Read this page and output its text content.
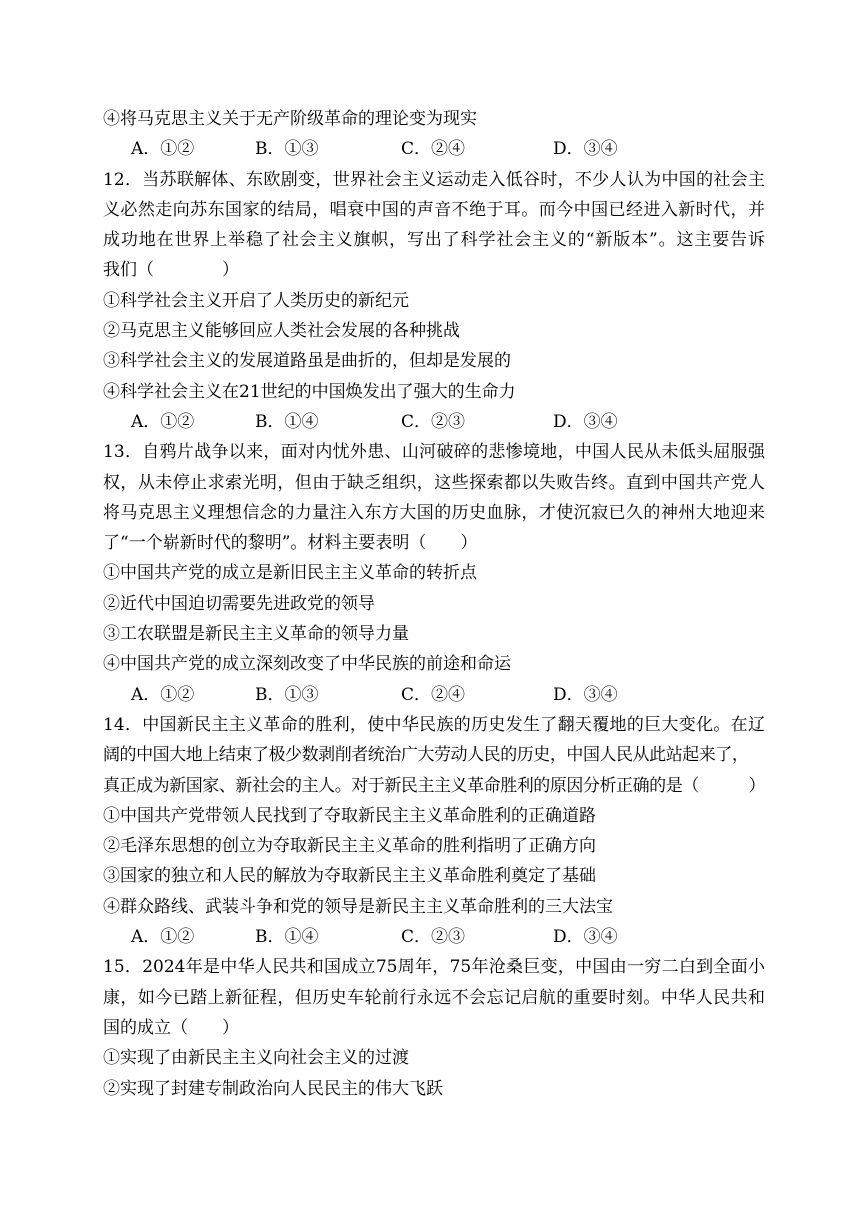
④将马克思主义关于无产阶级革命的理论变为现实
A．①②	B．①③	C．②④	D．③④
12．当苏联解体、东欧剧变，世界社会主义运动走入低谷时，不少人认为中国的社会主
义必然走向苏东国家的结局，唱衰中国的声音不绝于耳。而今中国已经进入新时代，并
成功地在世界上举稳了社会主义旗帜，写出了科学社会主义的“新版本”。这主要告诉
我们（　　　　）
①科学社会主义开启了人类历史的新纪元
②马克思主义能够回应人类社会发展的各种挑战
③科学社会主义的发展道路虽是曲折的，但却是发展的
④科学社会主义在21世纪的中国焕发出了强大的生命力
A．①②	B．①④	C．②③	D．③④
13．自鸦片战争以来，面对内忧外患、山河破碎的悲惨境地，中国人民从未低头屈服强
权，从未停止求索光明，但由于缺乏组织，这些探索都以失败告终。直到中国共产党人
将马克思主义理想信念的力量注入东方大国的历史血脉，才使沉寂已久的神州大地迎来
了“一个崭新时代的黎明”。材料主要表明（　　）
①中国共产党的成立是新旧民主主义革命的转折点
②近代中国迫切需要先进政党的领导
③工农联盟是新民主主义革命的领导力量
④中国共产党的成立深刻改变了中华民族的前途和命运
A．①②	B．①③	C．②④	D．③④
14．中国新民主主义革命的胜利，使中华民族的历史发生了翻天覆地的巨大变化。在辽
阔的中国大地上结束了极少数剥削者统治广大劳动人民的历史，中国人民从此站起来了，
真正成为新国家、新社会的主人。对于新民主主义革命胜利的原因分析正确的是（　　　）
①中国共产党带领人民找到了夺取新民主主义革命胜利的正确道路
②毛泽东思想的创立为夺取新民主主义革命的胜利指明了正确方向
③国家的独立和人民的解放为夺取新民主主义革命胜利奠定了基础
④群众路线、武装斗争和党的领导是新民主主义革命胜利的三大法宝
A．①②	B．①④	C．②③	D．③④
15．2024年是中华人民共和国成立75周年，75年沧桑巨变，中国由一穷二白到全面小
康，如今已踏上新征程，但历史车轮前行永远不会忘记启航的重要时刻。中华人民共和
国的成立（　　）
①实现了由新民主主义向社会主义的过渡
②实现了封建专制政治向人民民主的伟大飞跃
